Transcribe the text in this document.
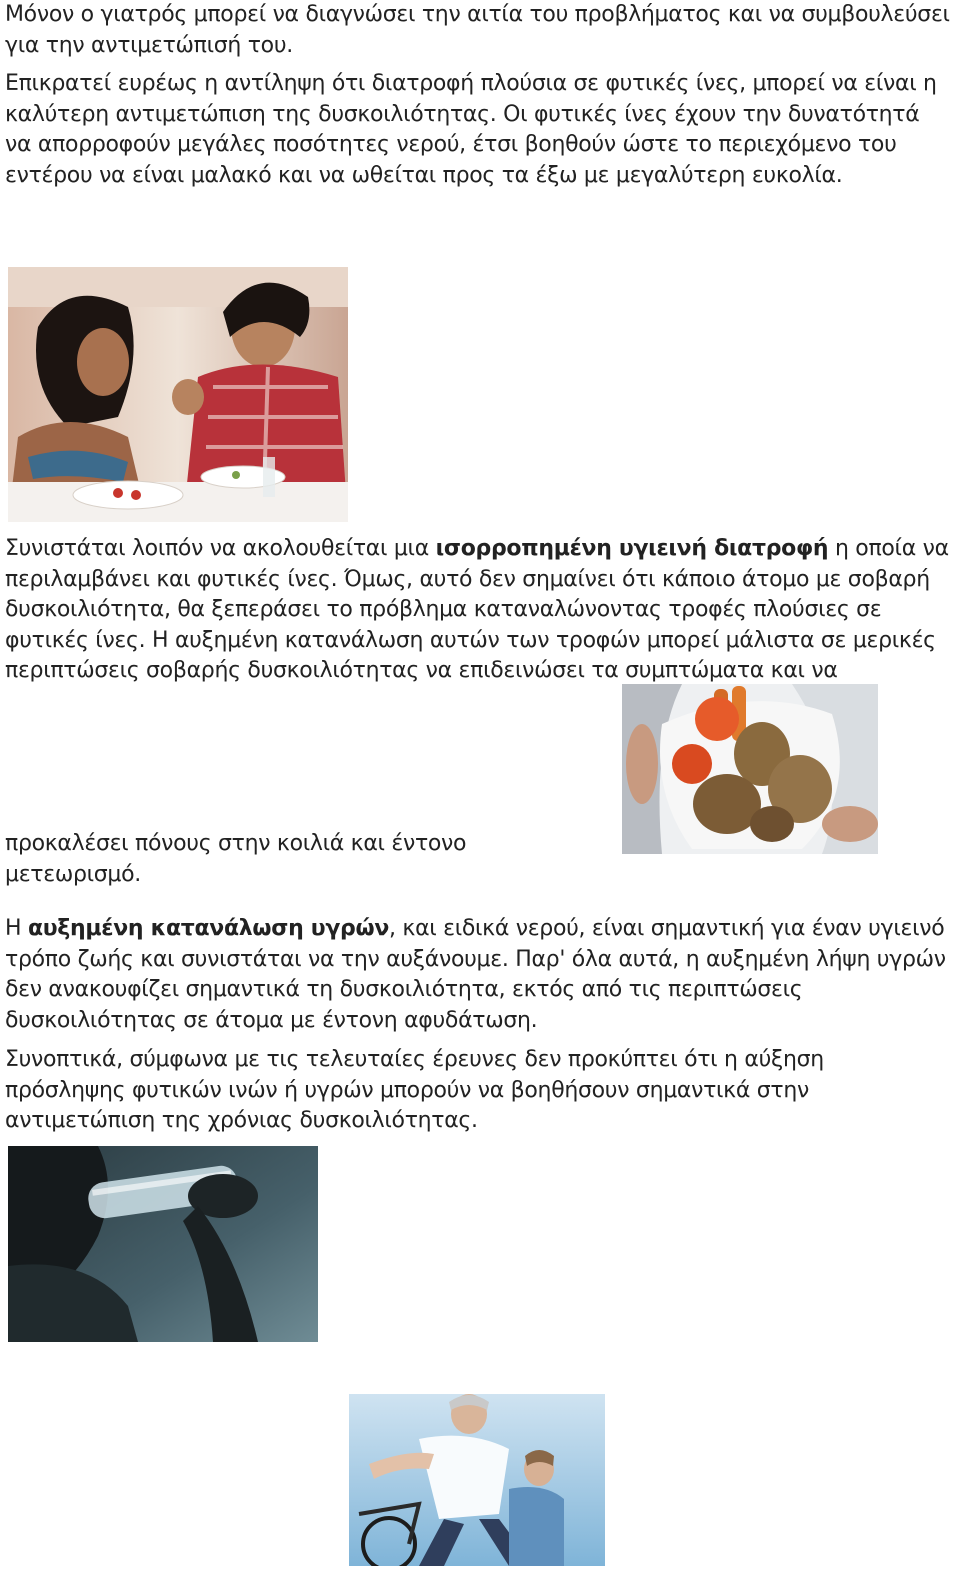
Μόνον ο γιατρός μπορεί να διαγνώσει την αιτία του προβλήματος και να συμβουλεύσει για την αντιμετώπισή του.

Επικρατεί ευρέως η αντίληψη ότι διατροφή πλούσια σε φυτικές ίνες, μπορεί να είναι η καλύτερη αντιμετώπιση της δυσκοιλιότητας. Οι φυτικές ίνες έχουν την δυνατότητά να απορροφούν μεγάλες ποσότητες νερού, έτσι βοηθούν ώστε το περιεχόμενο του εντέρου να είναι μαλακό και να ωθείται προς τα έξω με μεγαλύτερη ευκολία.

Συνιστάται λοιπόν να ακολουθείται μια ισορροπημένη υγιεινή διατροφή η οποία να περιλαμβάνει και φυτικές ίνες. Όμως, αυτό δεν σημαίνει ότι κάποιο άτομο με σοβαρή δυσκοιλιότητα, θα ξεπεράσει το πρόβλημα καταναλώνοντας τροφές πλούσιες σε φυτικές ίνες. Η αυξημένη κατανάλωση αυτών των τροφών μπορεί μάλιστα σε μερικές περιπτώσεις σοβαρής δυσκοιλιότητας να επιδεινώσει τα συμπτώματα και να

προκαλέσει πόνους στην κοιλιά και έντονο μετεωρισμό.

Η αυξημένη κατανάλωση υγρών, και ειδικά νερού, είναι σημαντική για έναν υγιεινό τρόπο ζωής και συνιστάται να την αυξάνουμε. Παρ' όλα αυτά, η αυξημένη λήψη υγρών δεν ανακουφίζει σημαντικά τη δυσκοιλιότητα, εκτός από τις περιπτώσεις δυσκοιλιότητας σε άτομα με έντονη αφυδάτωση.

Συνοπτικά, σύμφωνα με τις τελευταίες έρευνες δεν προκύπτει ότι η αύξηση πρόσληψης φυτικών ινών ή υγρών μπορούν να βοηθήσουν σημαντικά στην αντιμετώπιση της χρόνιας δυσκοιλιότητας.
